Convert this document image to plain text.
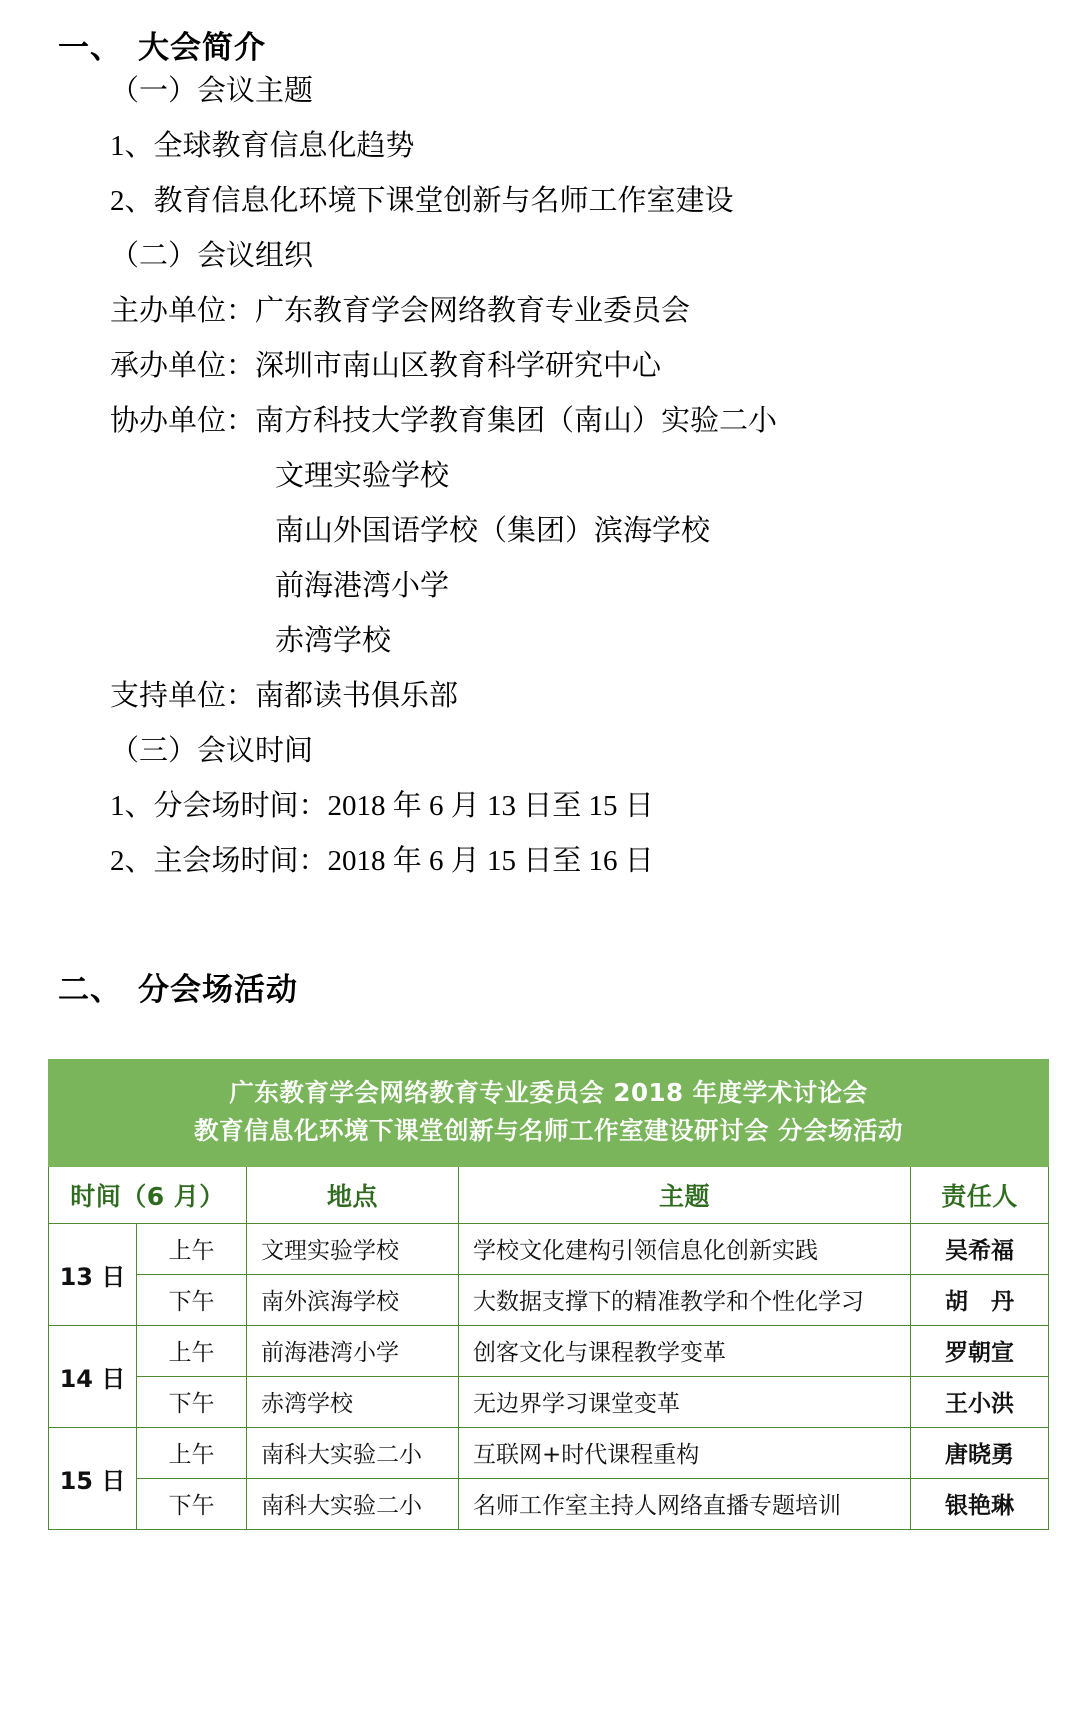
一、 大会简介
（一）会议主题
1、全球教育信息化趋势
2、教育信息化环境下课堂创新与名师工作室建设
（二）会议组织
主办单位：广东教育学会网络教育专业委员会
承办单位：深圳市南山区教育科学研究中心
协办单位：南方科技大学教育集团（南山）实验二小
文理实验学校
南山外国语学校（集团）滨海学校
前海港湾小学
赤湾学校
支持单位：南都读书俱乐部
（三）会议时间
1、分会场时间：2018 年 6 月 13 日至 15 日
2、主会场时间：2018 年 6 月 15 日至 16 日
二、 分会场活动
广东教育学会网络教育专业委员会 2018 年度学术讨论会
教育信息化环境下课堂创新与名师工作室建设研讨会 分会场活动				

时间（6 月）		地点	主题	责任人
13 日	上午	文理实验学校	学校文化建构引领信息化创新实践	吴希福
	下午	南外滨海学校	大数据支撑下的精准教学和个性化学习	胡　丹
14 日	上午	前海港湾小学	创客文化与课程教学变革	罗朝宣
	下午	赤湾学校	无边界学习课堂变革	王小洪
15 日	上午	南科大实验二小	互联网+时代课程重构	唐晓勇
	下午	南科大实验二小	名师工作室主持人网络直播专题培训	银艳琳
